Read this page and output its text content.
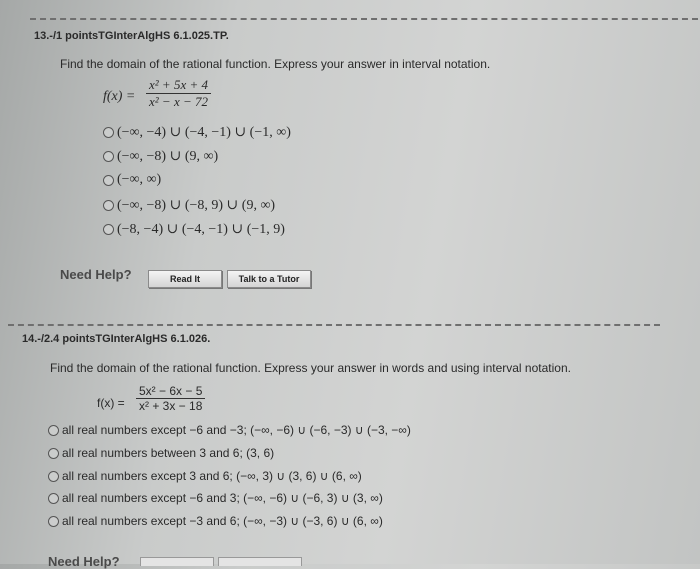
13.-/1 pointsTGInterAlgHS 6.1.025.TP.
Find the domain of the rational function. Express your answer in interval notation.
$f(x) = \frac{\text{x² + 5x + 4}}{\text{x² − x − 72}}$
(−∞, −4) ∪ (−4, −1) ∪ (−1, ∞)
(−∞, −8) ∪ (9, ∞)
(−∞, ∞)
(−∞, −8) ∪ (−8, 9) ∪ (9, ∞)
(−8, −4) ∪ (−4, −1) ∪ (−1, 9)
Need Help?	Read It	Talk to a Tutor
14.-/2.4 pointsTGInterAlgHS 6.1.026.
Find the domain of the rational function. Express your answer in words and using interval notation.
$f(x) = \frac{\text{5x² − 6x − 5}}{\text{x² + 3x − 18}}$
all real numbers except −6 and −3; (−∞, −6) ∪ (−6, −3) ∪ (−3, −∞)
all real numbers between 3 and 6; (3, 6)
all real numbers except 3 and 6; (−∞, 3) ∪ (3, 6) ∪ (6, ∞)
all real numbers except −6 and 3; (−∞, −6) ∪ (−6, 3) ∪ (3, ∞)
all real numbers except −3 and 6; (−∞, −3) ∪ (−3, 6) ∪ (6, ∞)
Need Help?
